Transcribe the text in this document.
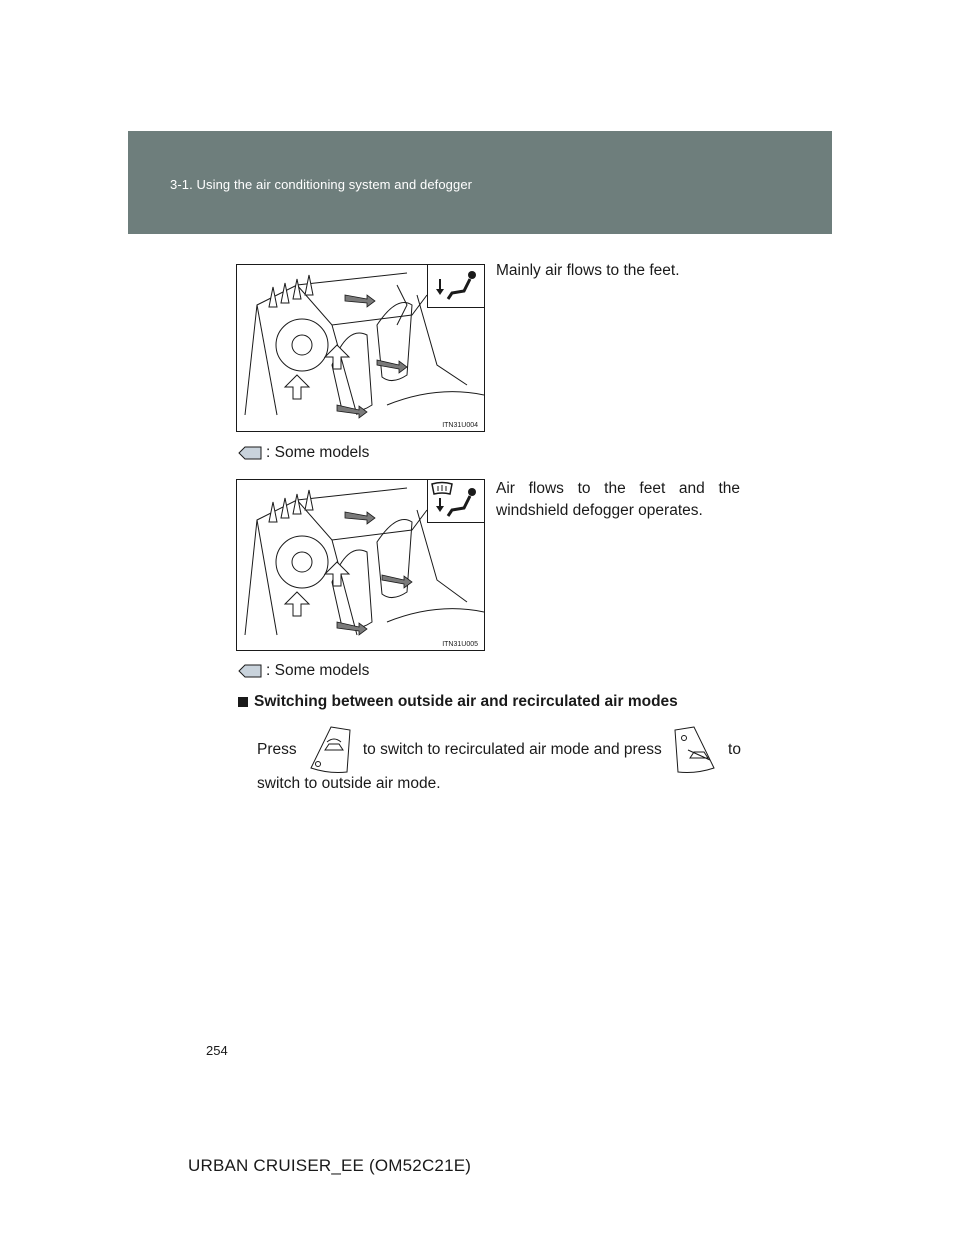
3-1. Using the air conditioning system and defogger
ITN31U004
Mainly air flows to the feet.
: Some models
ITN31U005
Air flows to the feet and the windshield defogger operates.
: Some models
Switching between outside air and recirculated air modes
Press	to switch to recirculated air mode and press	to
switch to outside air mode.
254
URBAN CRUISER_EE (OM52C21E)
